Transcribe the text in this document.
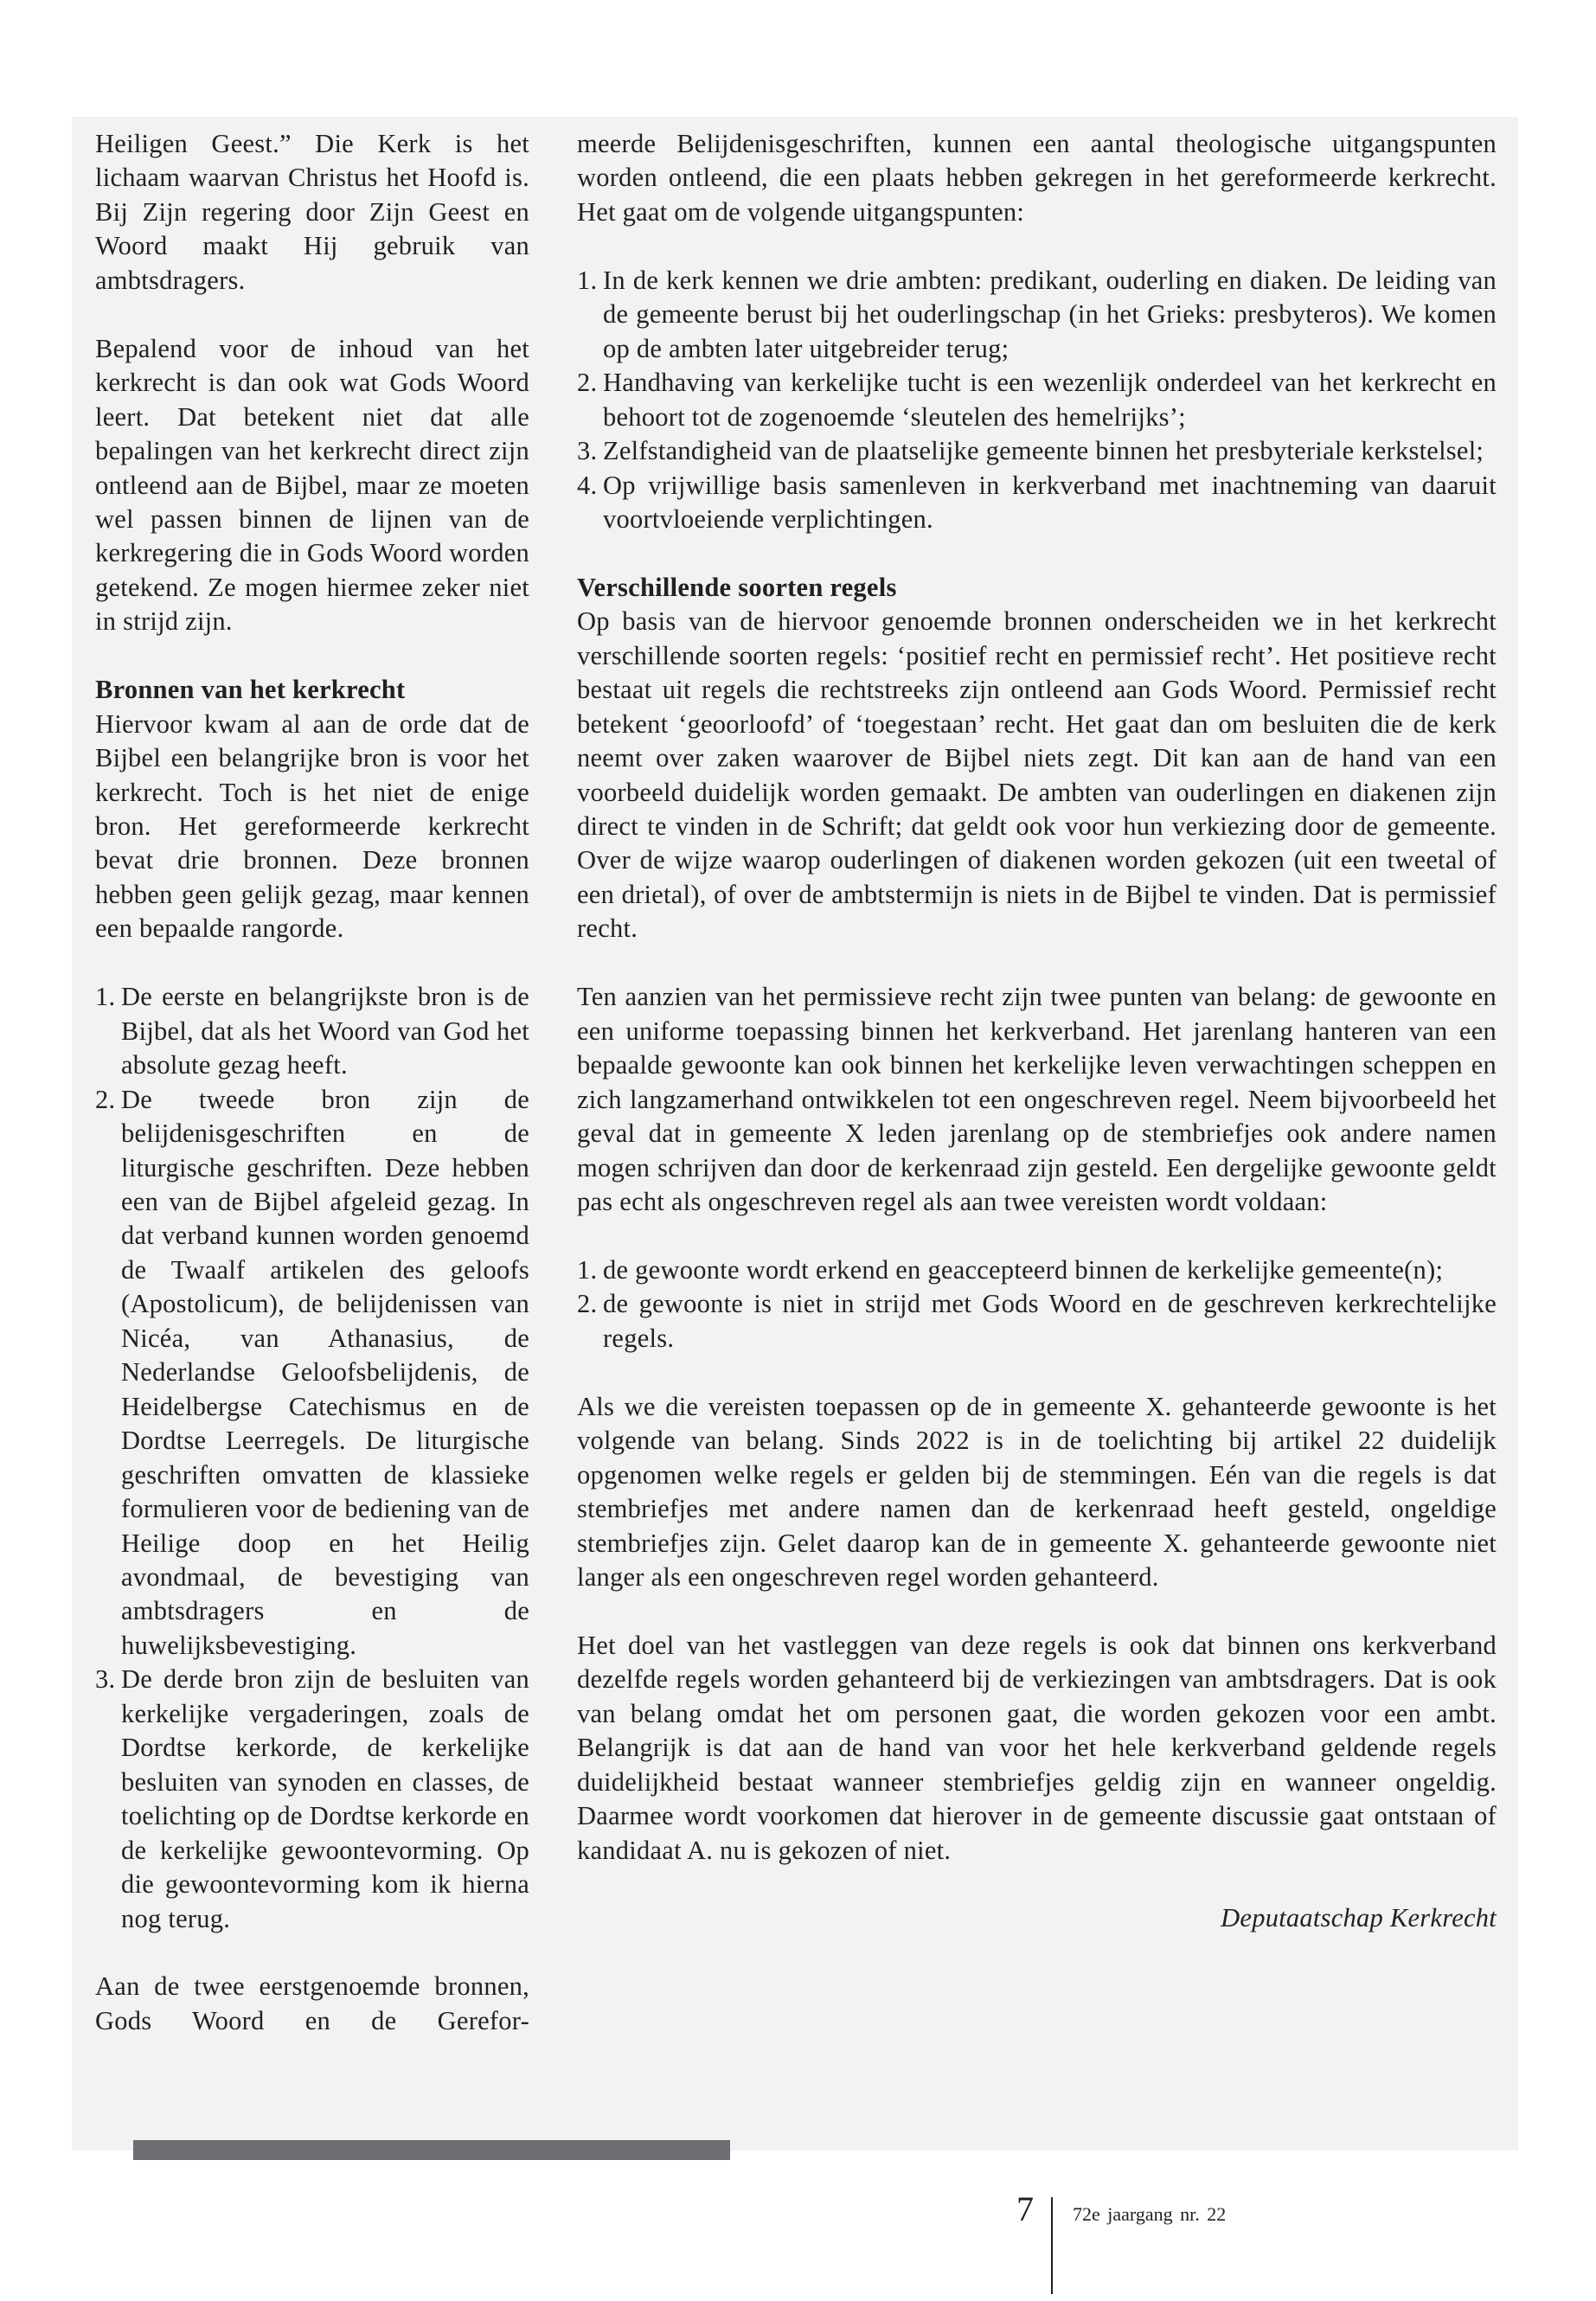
Heiligen Geest.” Die Kerk is het lichaam waarvan Christus het Hoofd is. Bij Zijn regering door Zijn Geest en Woord maakt Hij gebruik van ambtsdragers.

Bepalend voor de inhoud van het kerkrecht is dan ook wat Gods Woord leert. Dat betekent niet dat alle bepalingen van het kerkrecht direct zijn ontleend aan de Bijbel, maar ze moeten wel passen binnen de lijnen van de kerkregering die in Gods Woord worden getekend. Ze mogen hiermee zeker niet in strijd zijn.

Bronnen van het kerkrecht

Hiervoor kwam al aan de orde dat de Bijbel een belangrijke bron is voor het kerkrecht. Toch is het niet de enige bron. Het gereformeerde kerkrecht bevat drie bronnen. Deze bronnen hebben geen gelijk gezag, maar kennen een bepaalde rangorde.

1. De eerste en belangrijkste bron is de Bijbel, dat als het Woord van God het absolute gezag heeft.
2. De tweede bron zijn de belijdenisgeschriften en de liturgische geschriften. Deze hebben een van de Bijbel afgeleid gezag. In dat verband kunnen worden genoemd de Twaalf artikelen des geloofs (Apostolicum), de belijdenissen van Nicéa, van Athanasius, de Nederlandse Geloofsbelijdenis, de Heidelbergse Catechismus en de Dordtse Leerregels. De liturgische geschriften omvatten de klassieke formulieren voor de bediening van de Heilige doop en het Heilig avondmaal, de bevestiging van ambtsdragers en de huwelijksbevestiging.
3. De derde bron zijn de besluiten van kerkelijke vergaderingen, zoals de Dordtse kerkorde, de kerkelijke besluiten van synoden en classes, de toelichting op de Dordtse kerkorde en de kerkelijke gewoontevorming. Op die gewoontevorming kom ik hierna nog terug.

Aan de twee eerstgenoemde bronnen, Gods Woord en de Gerefor-

meerde Belijdenisgeschriften, kunnen een aantal theologische uitgangspunten worden ontleend, die een plaats hebben gekregen in het gereformeerde kerkrecht. Het gaat om de volgende uitgangspunten:

1. In de kerk kennen we drie ambten: predikant, ouderling en diaken. De leiding van de gemeente berust bij het ouderlingschap (in het Grieks: presbyteros). We komen op de ambten later uitgebreider terug;
2. Handhaving van kerkelijke tucht is een wezenlijk onderdeel van het kerkrecht en behoort tot de zogenoemde ‘sleutelen des hemelrijks’;
3. Zelfstandigheid van de plaatselijke gemeente binnen het presbyteriale kerkstelsel;
4. Op vrijwillige basis samenleven in kerkverband met inachtneming van daaruit voortvloeiende verplichtingen.

Verschillende soorten regels

Op basis van de hiervoor genoemde bronnen onderscheiden we in het kerkrecht verschillende soorten regels: ‘positief recht en permissief recht’. Het positieve recht bestaat uit regels die rechtstreeks zijn ontleend aan Gods Woord. Permissief recht betekent ‘geoorloofd’ of ‘toegestaan’ recht. Het gaat dan om besluiten die de kerk neemt over zaken waarover de Bijbel niets zegt. Dit kan aan de hand van een voorbeeld duidelijk worden gemaakt. De ambten van ouderlingen en diakenen zijn direct te vinden in de Schrift; dat geldt ook voor hun verkiezing door de gemeente. Over de wijze waarop ouderlingen of diakenen worden gekozen (uit een tweetal of een drietal), of over de ambtstermijn is niets in de Bijbel te vinden. Dat is permissief recht.

Ten aanzien van het permissieve recht zijn twee punten van belang: de gewoonte en een uniforme toepassing binnen het kerkverband. Het jarenlang hanteren van een bepaalde gewoonte kan ook binnen het kerkelijke leven verwachtingen scheppen en zich langzamerhand ontwikkelen tot een ongeschreven regel. Neem bijvoorbeeld het geval dat in gemeente X leden jarenlang op de stembriefjes ook andere namen mogen schrijven dan door de kerkenraad zijn gesteld. Een dergelijke gewoonte geldt pas echt als ongeschreven regel als aan twee vereisten wordt voldaan:

1. de gewoonte wordt erkend en geaccepteerd binnen de kerkelijke gemeente(n);
2. de gewoonte is niet in strijd met Gods Woord en de geschreven kerkrechtelijke regels.

Als we die vereisten toepassen op de in gemeente X. gehanteerde gewoonte is het volgende van belang. Sinds 2022 is in de toelichting bij artikel 22 duidelijk opgenomen welke regels er gelden bij de stemmingen. Eén van die regels is dat stembriefjes met andere namen dan de kerkenraad heeft gesteld, ongeldige stembriefjes zijn. Gelet daarop kan de in gemeente X. gehanteerde gewoonte niet langer als een ongeschreven regel worden gehanteerd.

Het doel van het vastleggen van deze regels is ook dat binnen ons kerkverband dezelfde regels worden gehanteerd bij de verkiezingen van ambtsdragers. Dat is ook van belang omdat het om personen gaat, die worden gekozen voor een ambt. Belangrijk is dat aan de hand van voor het hele kerkverband geldende regels duidelijkheid bestaat wanneer stembriefjes geldig zijn en wanneer ongeldig. Daarmee wordt voorkomen dat hierover in de gemeente discussie gaat ontstaan of kandidaat A. nu is gekozen of niet.

Deputaatschap Kerkrecht

7 72e jaargang nr. 22
